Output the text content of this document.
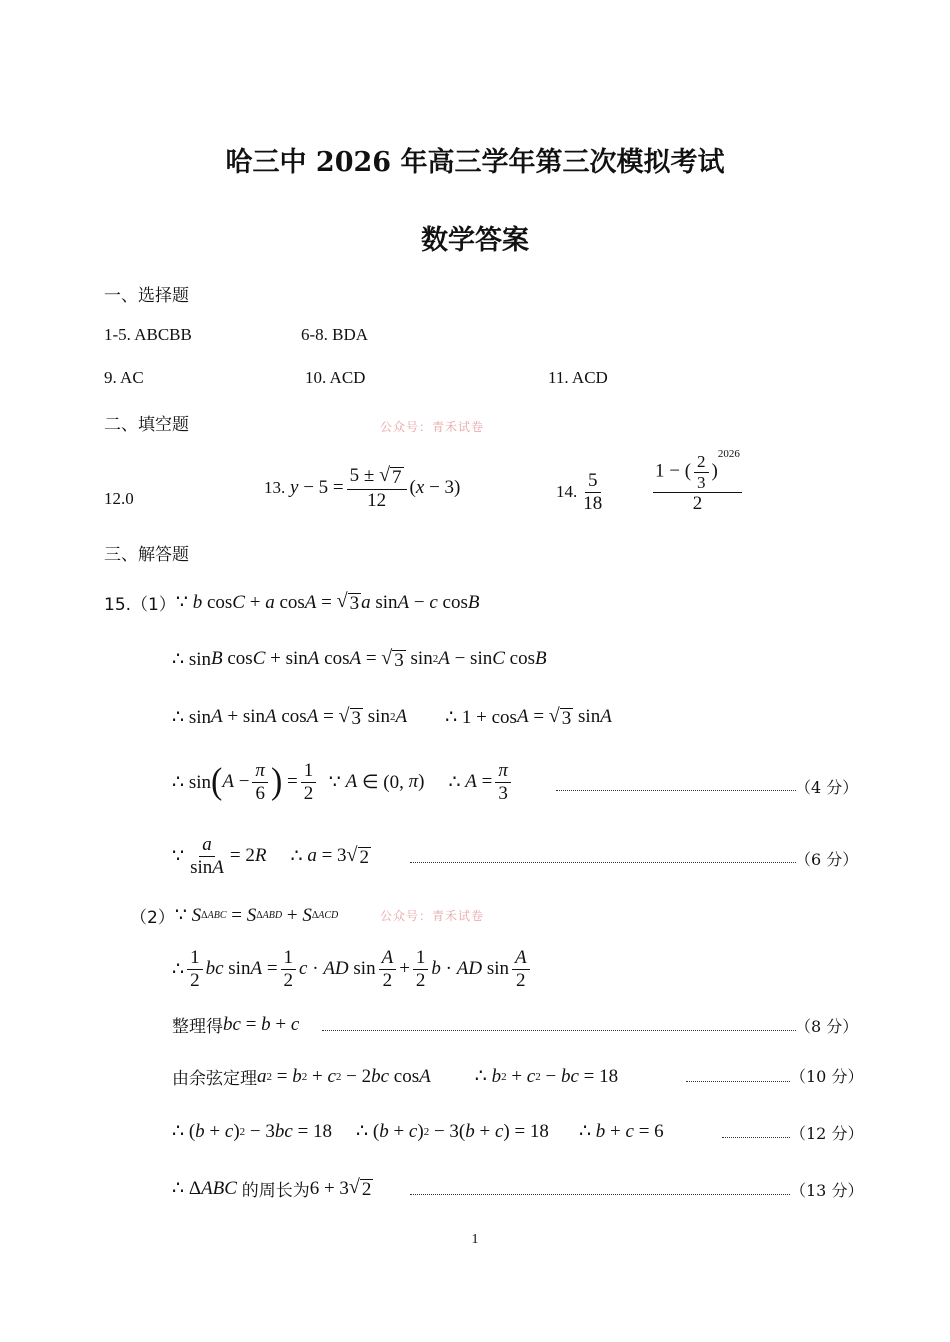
哈三中 2026 年高三学年第三次模拟考试
数学答案
一、选择题
1-5. ABCBB	6-8. BDA
9. AC	10. ACD	11. ACD
二、填空题	公众号：青禾试卷
12.0
13. $y - 5 = \frac{5 \pm √ 7}{12}$ ( x − 3)	14. $\frac{5}{18}$	$\frac{1 - ( \frac{2}{3} )^{2026}}{2}$
三、解答题
15.（1） ∵ b cos C + a cos A = √ 3 a sin A − c cos B
∴ sin B cos C + sin A cos A = √ 3 sin 2 A − sin C cos B
∴ sin A + sin A cos A = √ 3 sin 2 A ∴ 1 + cos A = √ 3 sin A
∴ sin ( $A - \frac{\pi}{6}$ ) = $\frac{1}{2}$ ∵ A ∈ (0, π )
∴ $A = \frac{\pi}{3}$	（4 分）
∵ $\frac{a}{\sin A} = 2$ R ∴ a = 3 √ 2	（6 分）
（2） ∵ S ΔABC = S ΔABD + S ΔACD	公众号：青禾试卷
∴ $\frac{1}{2}$ bc $\sin A = \frac{1}{2}$ c · AD $\sin \frac{A}{2} + \frac{1}{2}$ b · AD $\sin \frac{A}{2}$
整理得 bc = b + c	（8 分）
由余弦定理 a 2 = b 2 + c 2 − 2 bc cos A ∴ b 2 + c 2 − bc = 18	（10 分）
∴ ( b + c ) 2 − 3 bc = 18
∴ ( b + c ) 2 − 3( b + c ) = 18
∴ b + c = 6	（12 分）
∴ Δ ABC
的周长为 6 + 3 √ 2	（13 分）
1
